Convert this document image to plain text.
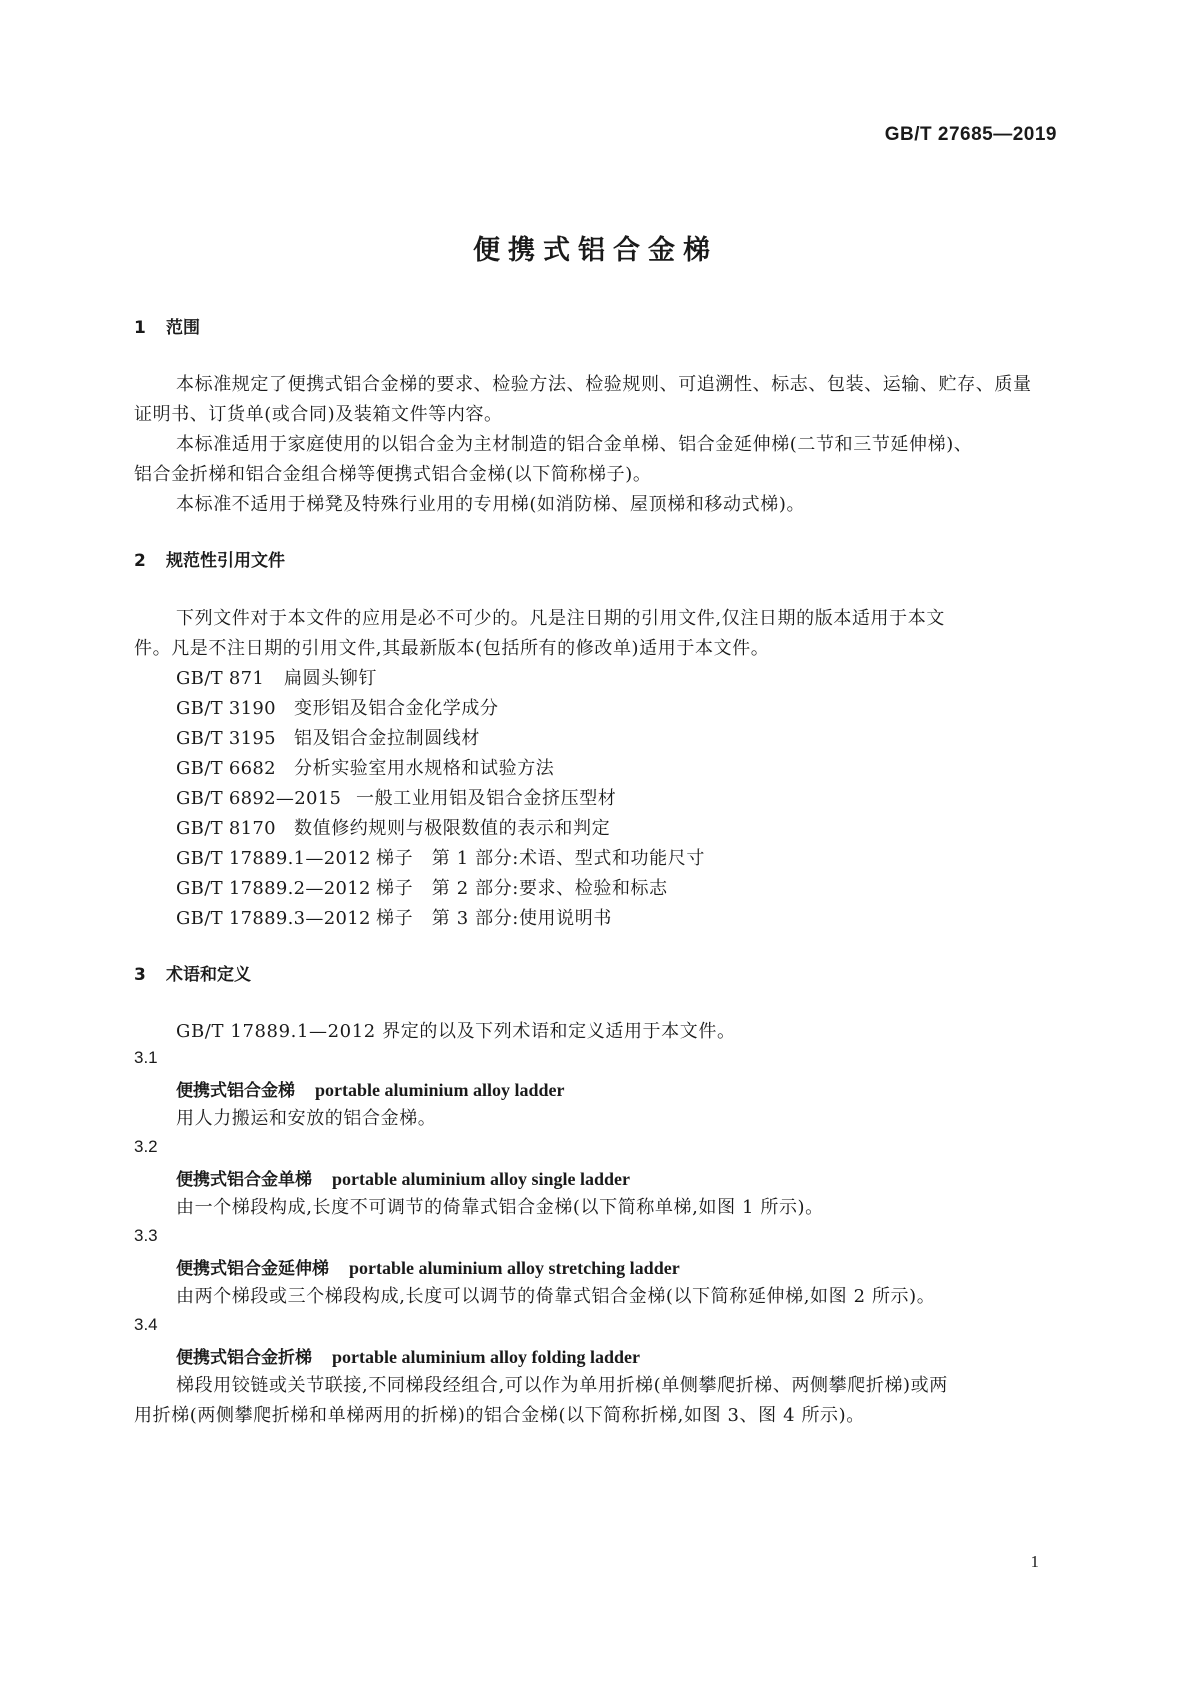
GB/T 27685—2019
便携式铝合金梯
1 范围
本标准规定了便携式铝合金梯的要求、检验方法、检验规则、可追溯性、标志、包装、运输、贮存、质量
证明书、订货单(或合同)及装箱文件等内容。
本标准适用于家庭使用的以铝合金为主材制造的铝合金单梯、铝合金延伸梯(二节和三节延伸梯)、
铝合金折梯和铝合金组合梯等便携式铝合金梯(以下简称梯子)。
本标准不适用于梯凳及特殊行业用的专用梯(如消防梯、屋顶梯和移动式梯)。
2 规范性引用文件
下列文件对于本文件的应用是必不可少的。凡是注日期的引用文件,仅注日期的版本适用于本文
件。凡是不注日期的引用文件,其最新版本(包括所有的修改单)适用于本文件。
GB/T 871 扁圆头铆钉
GB/T 3190 变形铝及铝合金化学成分
GB/T 3195 铝及铝合金拉制圆线材
GB/T 6682 分析实验室用水规格和试验方法
GB/T 6892—2015 一般工业用铝及铝合金挤压型材
GB/T 8170 数值修约规则与极限数值的表示和判定
GB/T 17889.1—2012 梯子　第 1 部分:术语、型式和功能尺寸
GB/T 17889.2—2012 梯子　第 2 部分:要求、检验和标志
GB/T 17889.3—2012 梯子　第 3 部分:使用说明书
3 术语和定义
GB/T 17889.1—2012 界定的以及下列术语和定义适用于本文件。
3.1
便携式铝合金梯 portable aluminium alloy ladder
用人力搬运和安放的铝合金梯。
3.2
便携式铝合金单梯 portable aluminium alloy single ladder
由一个梯段构成,长度不可调节的倚靠式铝合金梯(以下简称单梯,如图 1 所示)。
3.3
便携式铝合金延伸梯 portable aluminium alloy stretching ladder
由两个梯段或三个梯段构成,长度可以调节的倚靠式铝合金梯(以下简称延伸梯,如图 2 所示)。
3.4
便携式铝合金折梯 portable aluminium alloy folding ladder
梯段用铰链或关节联接,不同梯段经组合,可以作为单用折梯(单侧攀爬折梯、两侧攀爬折梯)或两
用折梯(两侧攀爬折梯和单梯两用的折梯)的铝合金梯(以下简称折梯,如图 3、图 4 所示)。
1
